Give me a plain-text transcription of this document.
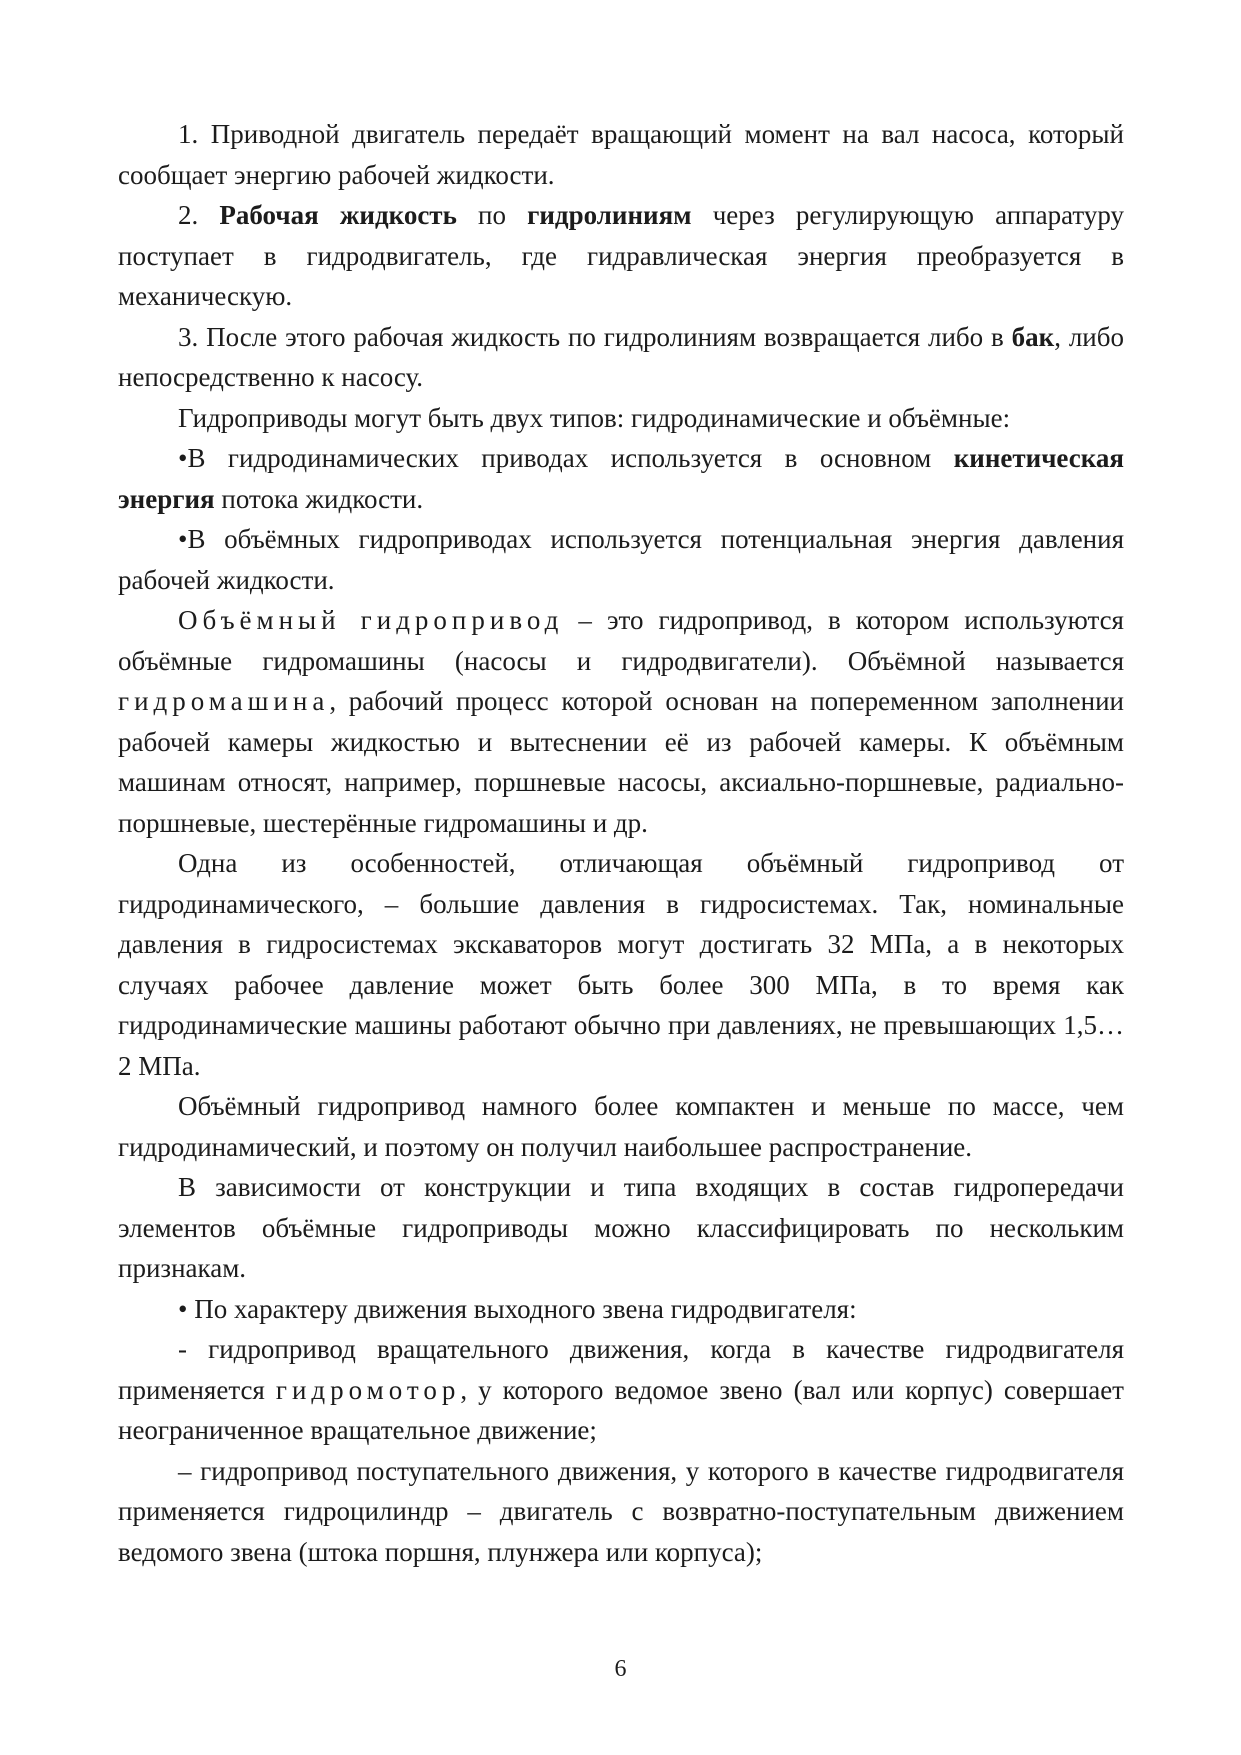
1. Приводной двигатель передаёт вращающий момент на вал насоса, который сообщает энергию рабочей жидкости.

2. Рабочая жидкость по гидролиниям через регулирующую аппаратуру поступает в гидродвигатель, где гидравлическая энергия преобразуется в механическую.

3. После этого рабочая жидкость по гидролиниям возвращается либо в бак, либо непосредственно к насосу.

Гидроприводы могут быть двух типов: гидродинамические и объёмные:

•В гидродинамических приводах используется в основном кинетическая энергия потока жидкости.

•В объёмных гидроприводах используется потенциальная энергия давления рабочей жидкости.

Объёмный гидропривод – это гидропривод, в котором используются объёмные гидромашины (насосы и гидродвигатели). Объёмной называется гидромашина, рабочий процесс которой основан на попеременном заполнении рабочей камеры жидкостью и вытеснении её из рабочей камеры. К объёмным машинам относят, например, поршневые насосы, аксиально-поршневые, радиально-поршневые, шестерённые гидромашины и др.

Одна из особенностей, отличающая объёмный гидропривод от гидродинамического, – большие давления в гидросистемах. Так, номинальные давления в гидросистемах экскаваторов могут достигать 32 МПа, а в некоторых случаях рабочее давление может быть более 300 МПа, в то время как гидродинамические машины работают обычно при давлениях, не превышающих 1,5…2 МПа.

Объёмный гидропривод намного более компактен и меньше по массе, чем гидродинамический, и поэтому он получил наибольшее распространение.

В зависимости от конструкции и типа входящих в состав гидропередачи элементов объёмные гидроприводы можно классифицировать по нескольким признакам.

• По характеру движения выходного звена гидродвигателя:

- гидропривод вращательного движения, когда в качестве гидродвигателя применяется гидромотор, у которого ведомое звено (вал или корпус) совершает неограниченное вращательное движение;

– гидропривод поступательного движения, у которого в качестве гидродвигателя применяется гидроцилиндр – двигатель с возвратно-поступательным движением ведомого звена (штока поршня, плунжера или корпуса);

6
